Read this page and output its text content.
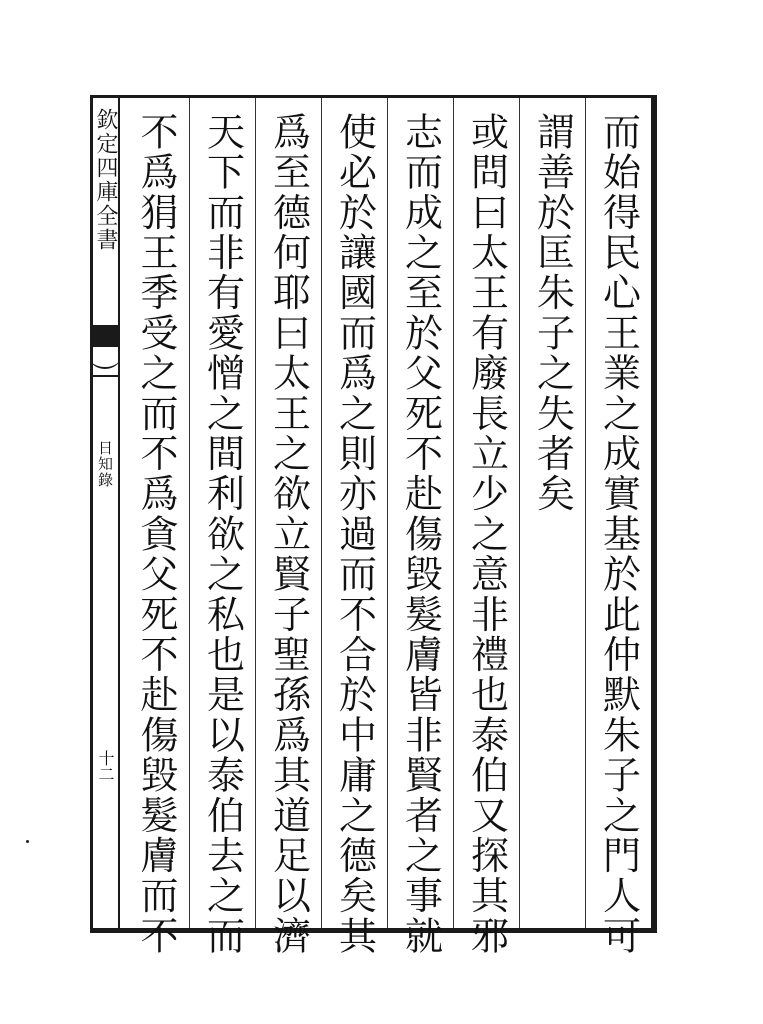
欽定四庫全書
日知錄
十二	而始得民心王業之成實基於此仲默朱子之門人可
謂善於匡朱子之失者矣
或問曰太王有廢長立少之意非禮也泰伯又探其邪
志而成之至於父死不赴傷毀髮膚皆非賢者之事就
使必於讓國而爲之則亦過而不合於中庸之德矣其
爲至德何耶曰太王之欲立賢子聖孫爲其道足以濟
天下而非有愛憎之間利欲之私也是以泰伯去之而
不爲狷王季受之而不爲貪父死不赴傷毀髮膚而不
